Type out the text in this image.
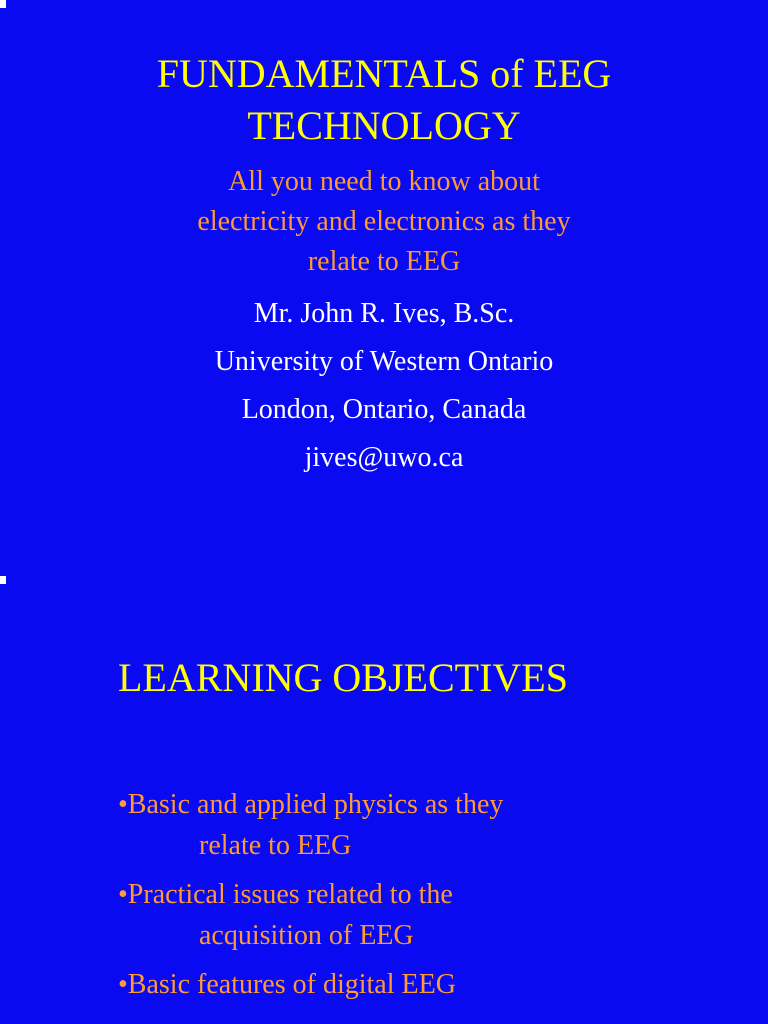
FUNDAMENTALS of EEG
TECHNOLOGY
All you need to know about
electricity and electronics as they
relate to EEG
Mr. John R. Ives, B.Sc.
University of Western Ontario
London, Ontario, Canada
jives@uwo.ca
LEARNING OBJECTIVES
•Basic and applied physics as they
relate to EEG
•Practical issues related to the
acquisition of EEG
•Basic features of digital EEG
